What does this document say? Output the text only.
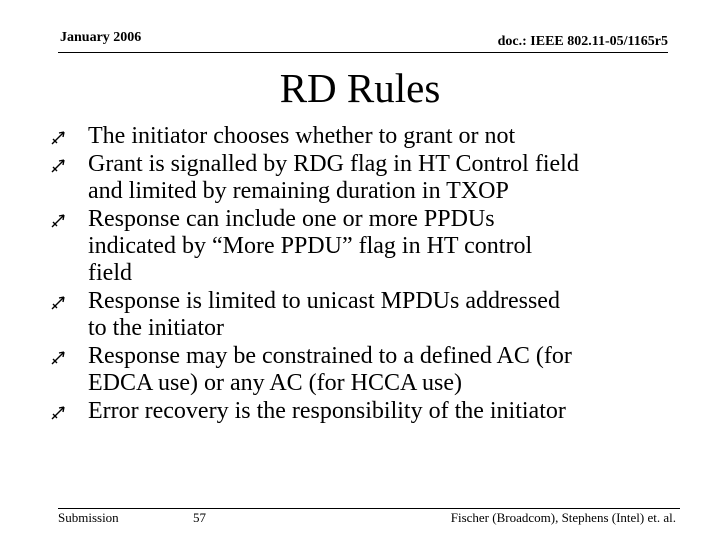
January 2006	doc.: IEEE 802.11-05/1165r5
RD Rules
The initiator chooses whether to grant or not
Grant is signalled by RDG flag in HT Control field
and limited by remaining duration in TXOP
Response can include one or more PPDUs
indicated by “More PPDU” flag in HT control
field
Response is limited to unicast MPDUs addressed
to the initiator
Response may be constrained to a defined AC (for
EDCA use) or any AC (for HCCA use)
Error recovery is the responsibility of the initiator
Submission	57	Fischer (Broadcom), Stephens (Intel) et. al.
